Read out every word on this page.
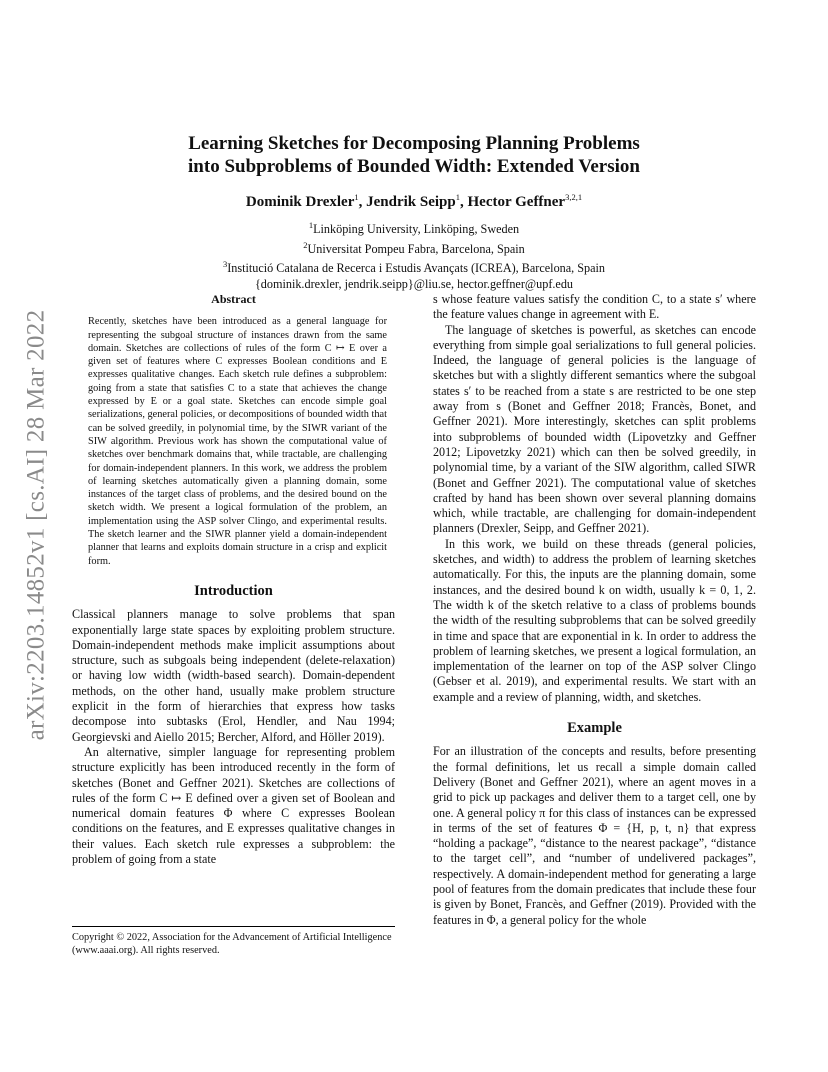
arXiv:2203.14852v1 [cs.AI] 28 Mar 2022
Learning Sketches for Decomposing Planning Problems
into Subproblems of Bounded Width: Extended Version
Dominik Drexler$^1$, Jendrik Seipp$^1$, Hector Geffner$^{3,2,1}$
$^1$Linköping University, Linköping, Sweden
$^2$Universitat Pompeu Fabra, Barcelona, Spain
$^3$Institució Catalana de Recerca i Estudis Avançats (ICREA), Barcelona, Spain
{dominik.drexler, jendrik.seipp}@liu.se, hector.geffner@upf.edu
Abstract

Recently, sketches have been introduced as a general language for representing the subgoal structure of instances drawn from the same domain. Sketches are collections of rules of the form C ↦ E over a given set of features where C expresses Boolean conditions and E expresses qualitative changes. Each sketch rule defines a subproblem: going from a state that satisfies C to a state that achieves the change expressed by E or a goal state. Sketches can encode simple goal serializations, general policies, or decompositions of bounded width that can be solved greedily, in polynomial time, by the SIWR variant of the SIW algorithm. Previous work has shown the computational value of sketches over benchmark domains that, while tractable, are challenging for domain-independent planners. In this work, we address the problem of learning sketches automatically given a planning domain, some instances of the target class of problems, and the desired bound on the sketch width. We present a logical formulation of the problem, an implementation using the ASP solver Clingo, and experimental results. The sketch learner and the SIWR planner yield a domain-independent planner that learns and exploits domain structure in a crisp and explicit form.

Introduction

Classical planners manage to solve problems that span exponentially large state spaces by exploiting problem structure. Domain-independent methods make implicit assumptions about structure, such as subgoals being independent (delete-relaxation) or having low width (width-based search). Domain-dependent methods, on the other hand, usually make problem structure explicit in the form of hierarchies that express how tasks decompose into subtasks (Erol, Hendler, and Nau 1994; Georgievski and Aiello 2015; Bercher, Alford, and Höller 2019).

An alternative, simpler language for representing problem structure explicitly has been introduced recently in the form of sketches (Bonet and Geffner 2021). Sketches are collections of rules of the form C ↦ E defined over a given set of Boolean and numerical domain features Φ where C expresses Boolean conditions on the features, and E expresses qualitative changes in their values. Each sketch rule expresses a subproblem: the problem of going from a state

Copyright © 2022, Association for the Advancement of Artificial Intelligence (www.aaai.org). All rights reserved.

s whose feature values satisfy the condition C, to a state s′ where the feature values change in agreement with E.

The language of sketches is powerful, as sketches can encode everything from simple goal serializations to full general policies. Indeed, the language of general policies is the language of sketches but with a slightly different semantics where the subgoal states s′ to be reached from a state s are restricted to be one step away from s (Bonet and Geffner 2018; Francès, Bonet, and Geffner 2021). More interestingly, sketches can split problems into subproblems of bounded width (Lipovetzky and Geffner 2012; Lipovetzky 2021) which can then be solved greedily, in polynomial time, by a variant of the SIW algorithm, called SIWR (Bonet and Geffner 2021). The computational value of sketches crafted by hand has been shown over several planning domains which, while tractable, are challenging for domain-independent planners (Drexler, Seipp, and Geffner 2021).

In this work, we build on these threads (general policies, sketches, and width) to address the problem of learning sketches automatically. For this, the inputs are the planning domain, some instances, and the desired bound k on width, usually k = 0, 1, 2. The width k of the sketch relative to a class of problems bounds the width of the resulting subproblems that can be solved greedily in time and space that are exponential in k. In order to address the problem of learning sketches, we present a logical formulation, an implementation of the learner on top of the ASP solver Clingo (Gebser et al. 2019), and experimental results. We start with an example and a review of planning, width, and sketches.

Example

For an illustration of the concepts and results, before presenting the formal definitions, let us recall a simple domain called Delivery (Bonet and Geffner 2021), where an agent moves in a grid to pick up packages and deliver them to a target cell, one by one. A general policy π for this class of instances can be expressed in terms of the set of features Φ = {H, p, t, n} that express “holding a package”, “distance to the nearest package”, “distance to the target cell”, and “number of undelivered packages”, respectively. A domain-independent method for generating a large pool of features from the domain predicates that include these four is given by Bonet, Francès, and Geffner (2019). Provided with the features in Φ, a general policy for the whole
